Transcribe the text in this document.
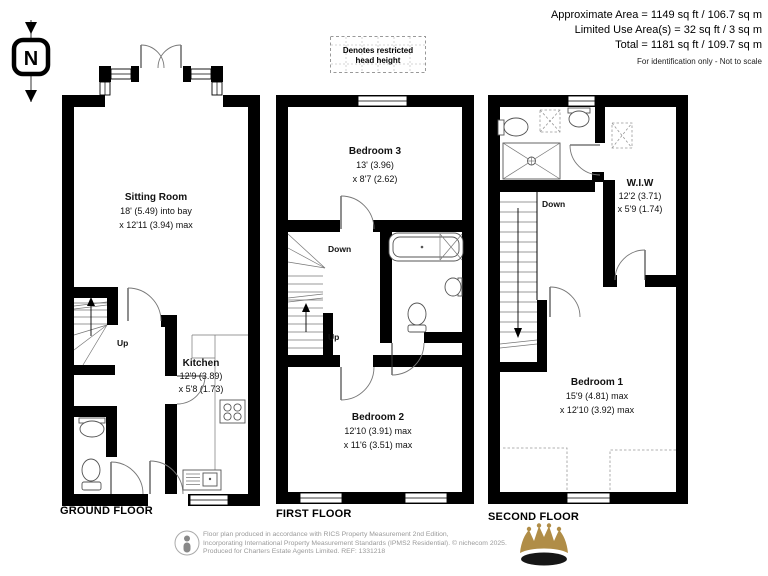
N
Approximate Area = 1149 sq ft / 106.7 sq m
Limited Use Area(s) = 32 sq ft / 3 sq m
Total = 1181 sq ft / 109.7 sq m
For identification only - Not to scale
Denotes restricted
head height
Up
Sitting Room
18' (5.49) into bay
x 12'11 (3.94) max
Kitchen
12'9 (3.89)
x 5'8 (1.73)
Down
Up
Bedroom 3
13' (3.96)
x 8'7 (2.62)
Bedroom 2
12'10 (3.91) max
x 11'6 (3.51) max
Down
W.I.W
12'2 (3.71)
x 5'9 (1.74)
Bedroom 1
15'9 (4.81) max
x 12'10 (3.92) max
GROUND FLOOR	FIRST FLOOR	SECOND FLOOR
Floor plan produced in accordance with RICS Property Measurement 2nd Edition,
Incorporating International Property Measurement Standards (IPMS2 Residential). © nichecom 2025.
Produced for Charters Estate Agents Limited. REF: 1331218
